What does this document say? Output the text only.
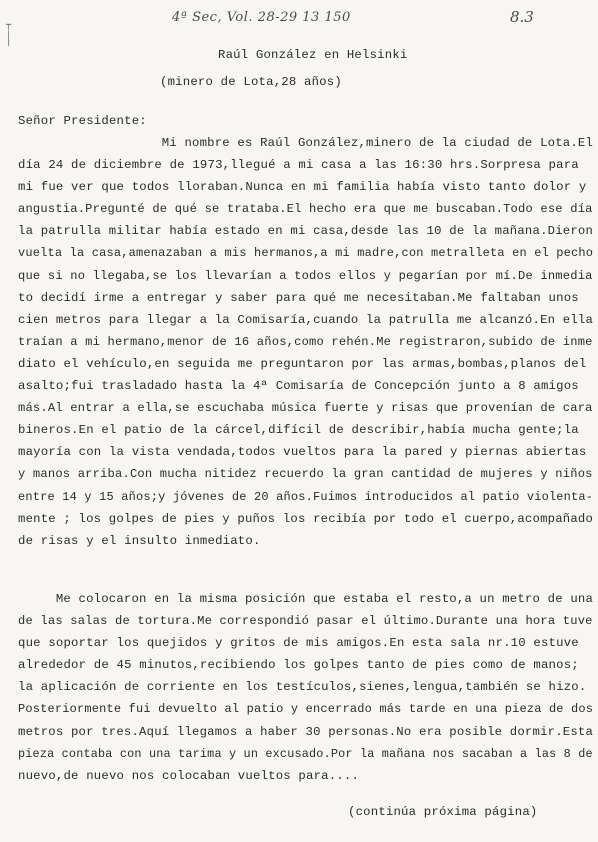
┬
│
╵
4ª Sec, Vol. 28-29 13 150	8.3
Raúl González en Helsinki
(minero de Lota,28 años)
Señor Presidente:
Mi nombre es Raúl González,minero de la ciudad de Lota.El
día 24 de diciembre de 1973,llegué a mi casa a las 16:30 hrs.Sorpresa para
mi fue ver que todos lloraban.Nunca en mi familia había visto tanto dolor y
angustia.Pregunté de qué se trataba.El hecho era que me buscaban.Todo ese día
la patrulla militar había estado en mi casa,desde las 10 de la mañana.Dieron
vuelta la casa,amenazaban a mis hermanos,a mi madre,con metralleta en el pecho
que si no llegaba,se los llevarían a todos ellos y pegarían por mí.De inmedia
to decidí irme a entregar y saber para qué me necesitaban.Me faltaban unos
cien metros para llegar a la Comisaría,cuando la patrulla me alcanzó.En ella
traían a mi hermano,menor de 16 años,como rehén.Me registraron,subido de inme
diato el vehículo,en seguida me preguntaron por las armas,bombas,planos del
asalto;fui trasladado hasta la 4ª Comisaría de Concepción junto a 8 amigos
más.Al entrar a ella,se escuchaba música fuerte y risas que provenían de cara
bineros.En el patio de la cárcel,difícil de describir,había mucha gente;la
mayoría con la vista vendada,todos vueltos para la pared y piernas abiertas
y manos arriba.Con mucha nitidez recuerdo la gran cantidad de mujeres y niños
entre 14 y 15 años;y jóvenes de 20 años.Fuimos introducidos al patio violenta-
mente ; los golpes de pies y puños los recibía por todo el cuerpo,acompañado
de risas y el insulto inmediato.
Me colocaron en la misma posición que estaba el resto,a un metro de una
de las salas de tortura.Me correspondió pasar el último.Durante una hora tuve
que soportar los quejidos y gritos de mis amigos.En esta sala nr.10 estuve
alrededor de 45 minutos,recibiendo los golpes tanto de pies como de manos;
la aplicación de corriente en los testículos,sienes,lengua,también se hizo.
Posteriormente fui devuelto al patio y encerrado más tarde en una pieza de dos
metros por tres.Aquí llegamos a haber 30 personas.No era posible dormir.Esta
pieza contaba con una tarima y un excusado.Por la mañana nos sacaban a las 8 de
nuevo,de nuevo nos colocaban vueltos para....
(continúa próxima página)
